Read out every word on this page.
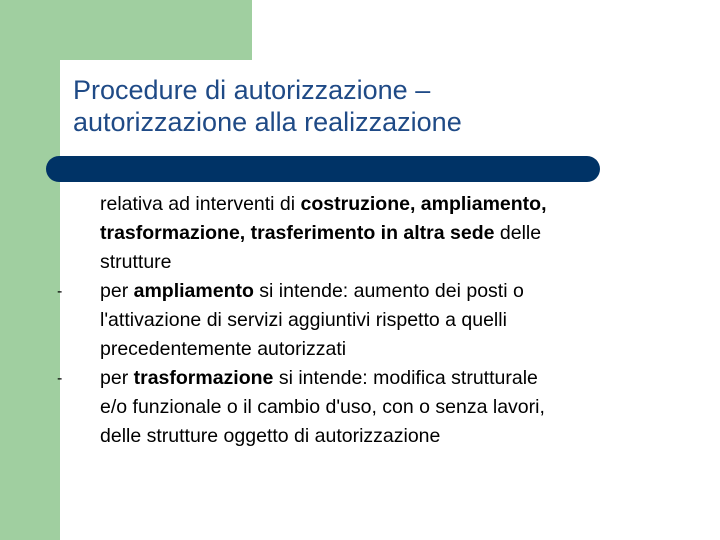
Procedure di autorizzazione –
autorizzazione alla realizzazione
relativa ad interventi di costruzione, ampliamento,
trasformazione, trasferimento in altra sede delle
strutture
- per ampliamento si intende: aumento dei posti o
l'attivazione di servizi aggiuntivi rispetto a quelli
precedentemente autorizzati
- per trasformazione si intende: modifica strutturale
e/o funzionale o il cambio d'uso, con o senza lavori,
delle strutture oggetto di autorizzazione
